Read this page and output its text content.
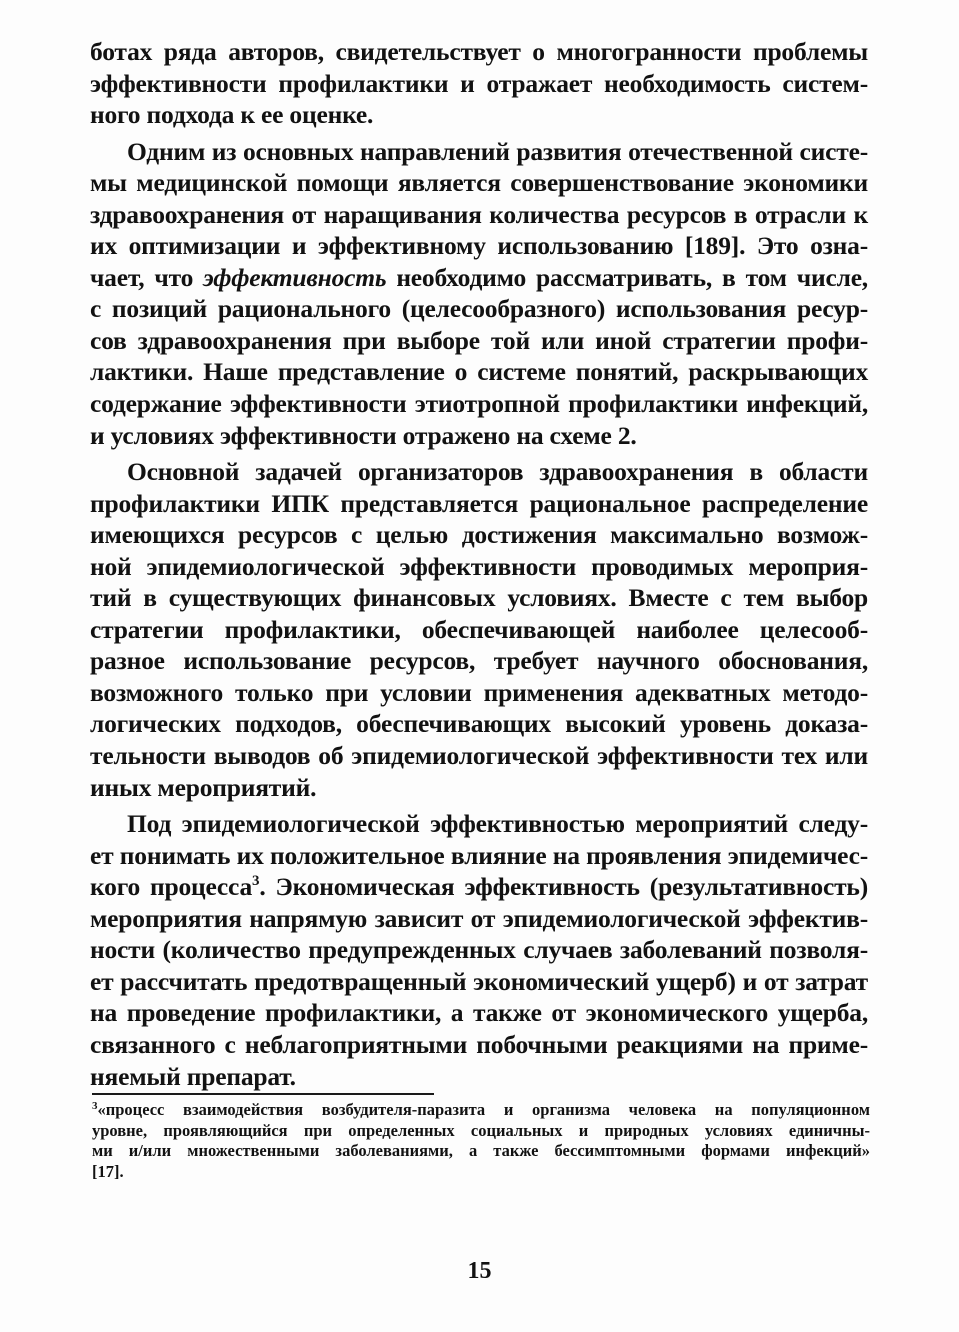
ботах ряда авторов, свидетельствует о многогранности проблемы
эффективности профилактики и отражает необходимость систем-
ного подхода к ее оценке.
Одним из основных направлений развития отечественной систе-
мы медицинской помощи является совершенствование экономики
здравоохранения от наращивания количества ресурсов в отрасли к
их оптимизации и эффективному использованию [189]. Это озна-
чает, что эффективность необходимо рассматривать, в том числе,
с позиций рационального (целесообразного) использования ресур-
сов здравоохранения при выборе той или иной стратегии профи-
лактики. Наше представление о системе понятий, раскрывающих
содержание эффективности этиотропной профилактики инфекций,
и условиях эффективности отражено на схеме 2.
Основной задачей организаторов здравоохранения в области
профилактики ИПК представляется рациональное распределение
имеющихся ресурсов с целью достижения максимально возмож-
ной эпидемиологической эффективности проводимых мероприя-
тий в существующих финансовых условиях. Вместе с тем выбор
стратегии профилактики, обеспечивающей наиболее целесооб-
разное использование ресурсов, требует научного обоснования,
возможного только при условии применения адекватных методо-
логических подходов, обеспечивающих высокий уровень доказа-
тельности выводов об эпидемиологической эффективности тех или
иных мероприятий.
Под эпидемиологической эффективностью мероприятий следу-
ет понимать их положительное влияние на проявления эпидемичес-
кого процесса$^3$. Экономическая эффективность (результативность)
мероприятия напрямую зависит от эпидемиологической эффектив-
ности (количество предупрежденных случаев заболеваний позволя-
ет рассчитать предотвращенный экономический ущерб) и от затрат
на проведение профилактики, а также от экономического ущерба,
связанного с неблагоприятными побочными реакциями на приме-
няемый препарат.
$^3$«процесс взаимодействия возбудителя-паразита и организма человека на популяционном
уровне, проявляющийся при определенных социальных и природных условиях единичны-
ми и/или множественными заболеваниями, а также бессимптомными формами инфекций»
[17].
15
